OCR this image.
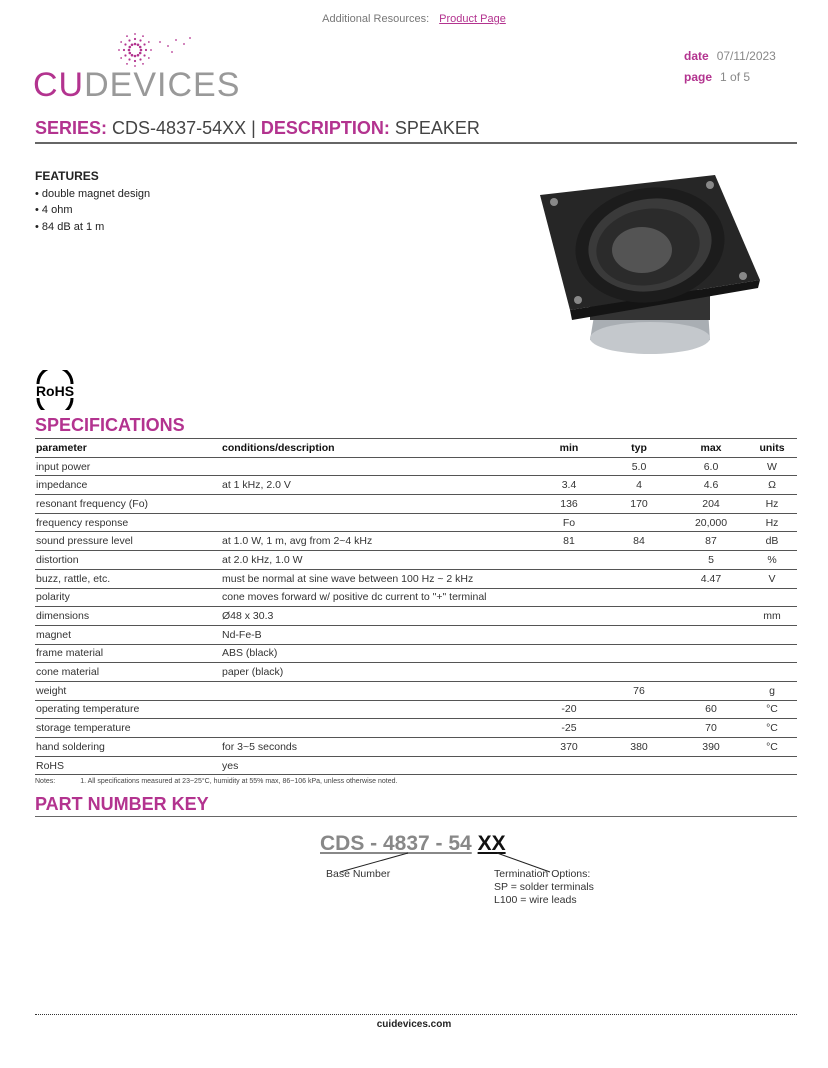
Additional Resources: Product Page
CUDEVICES
date 07/11/2023
page 1 of 5
SERIES: CDS-4837-54XX | DESCRIPTION: SPEAKER
FEATURES
• double magnet design
• 4 ohm
• 84 dB at 1 m
RoHS
SPECIFICATIONS
parameter	conditions/description	min	typ	max	units
input power			5.0	6.0	W
impedance	at 1 kHz, 2.0 V	3.4	4	4.6	Ω
resonant frequency (Fo)		136	170	204	Hz
frequency response		Fo		20,000	Hz
sound pressure level	at 1.0 W, 1 m, avg from 2~4 kHz	81	84	87	dB
distortion	at 2.0 kHz, 1.0 W			5	%
buzz, rattle, etc.	must be normal at sine wave between 100 Hz ~ 2 kHz			4.47	V
polarity	cone moves forward w/ positive dc current to "+" terminal				
dimensions	Ø48 x 30.3				mm
magnet	Nd-Fe-B				
frame material	ABS (black)				
cone material	paper (black)				
weight			76		g
operating temperature		-20		60	°C
storage temperature		-25		70	°C
hand soldering	for 3~5 seconds	370	380	390	°C
RoHS	yes				
Notes:	1. All specifications measured at 23~25°C, humidity at 55% max, 86~106 kPa, unless otherwise noted.
PART NUMBER KEY
CDS - 4837 - 54 XX
Base Number	Termination Options:
SP = solder terminals
L100 = wire leads
cuidevices.com
